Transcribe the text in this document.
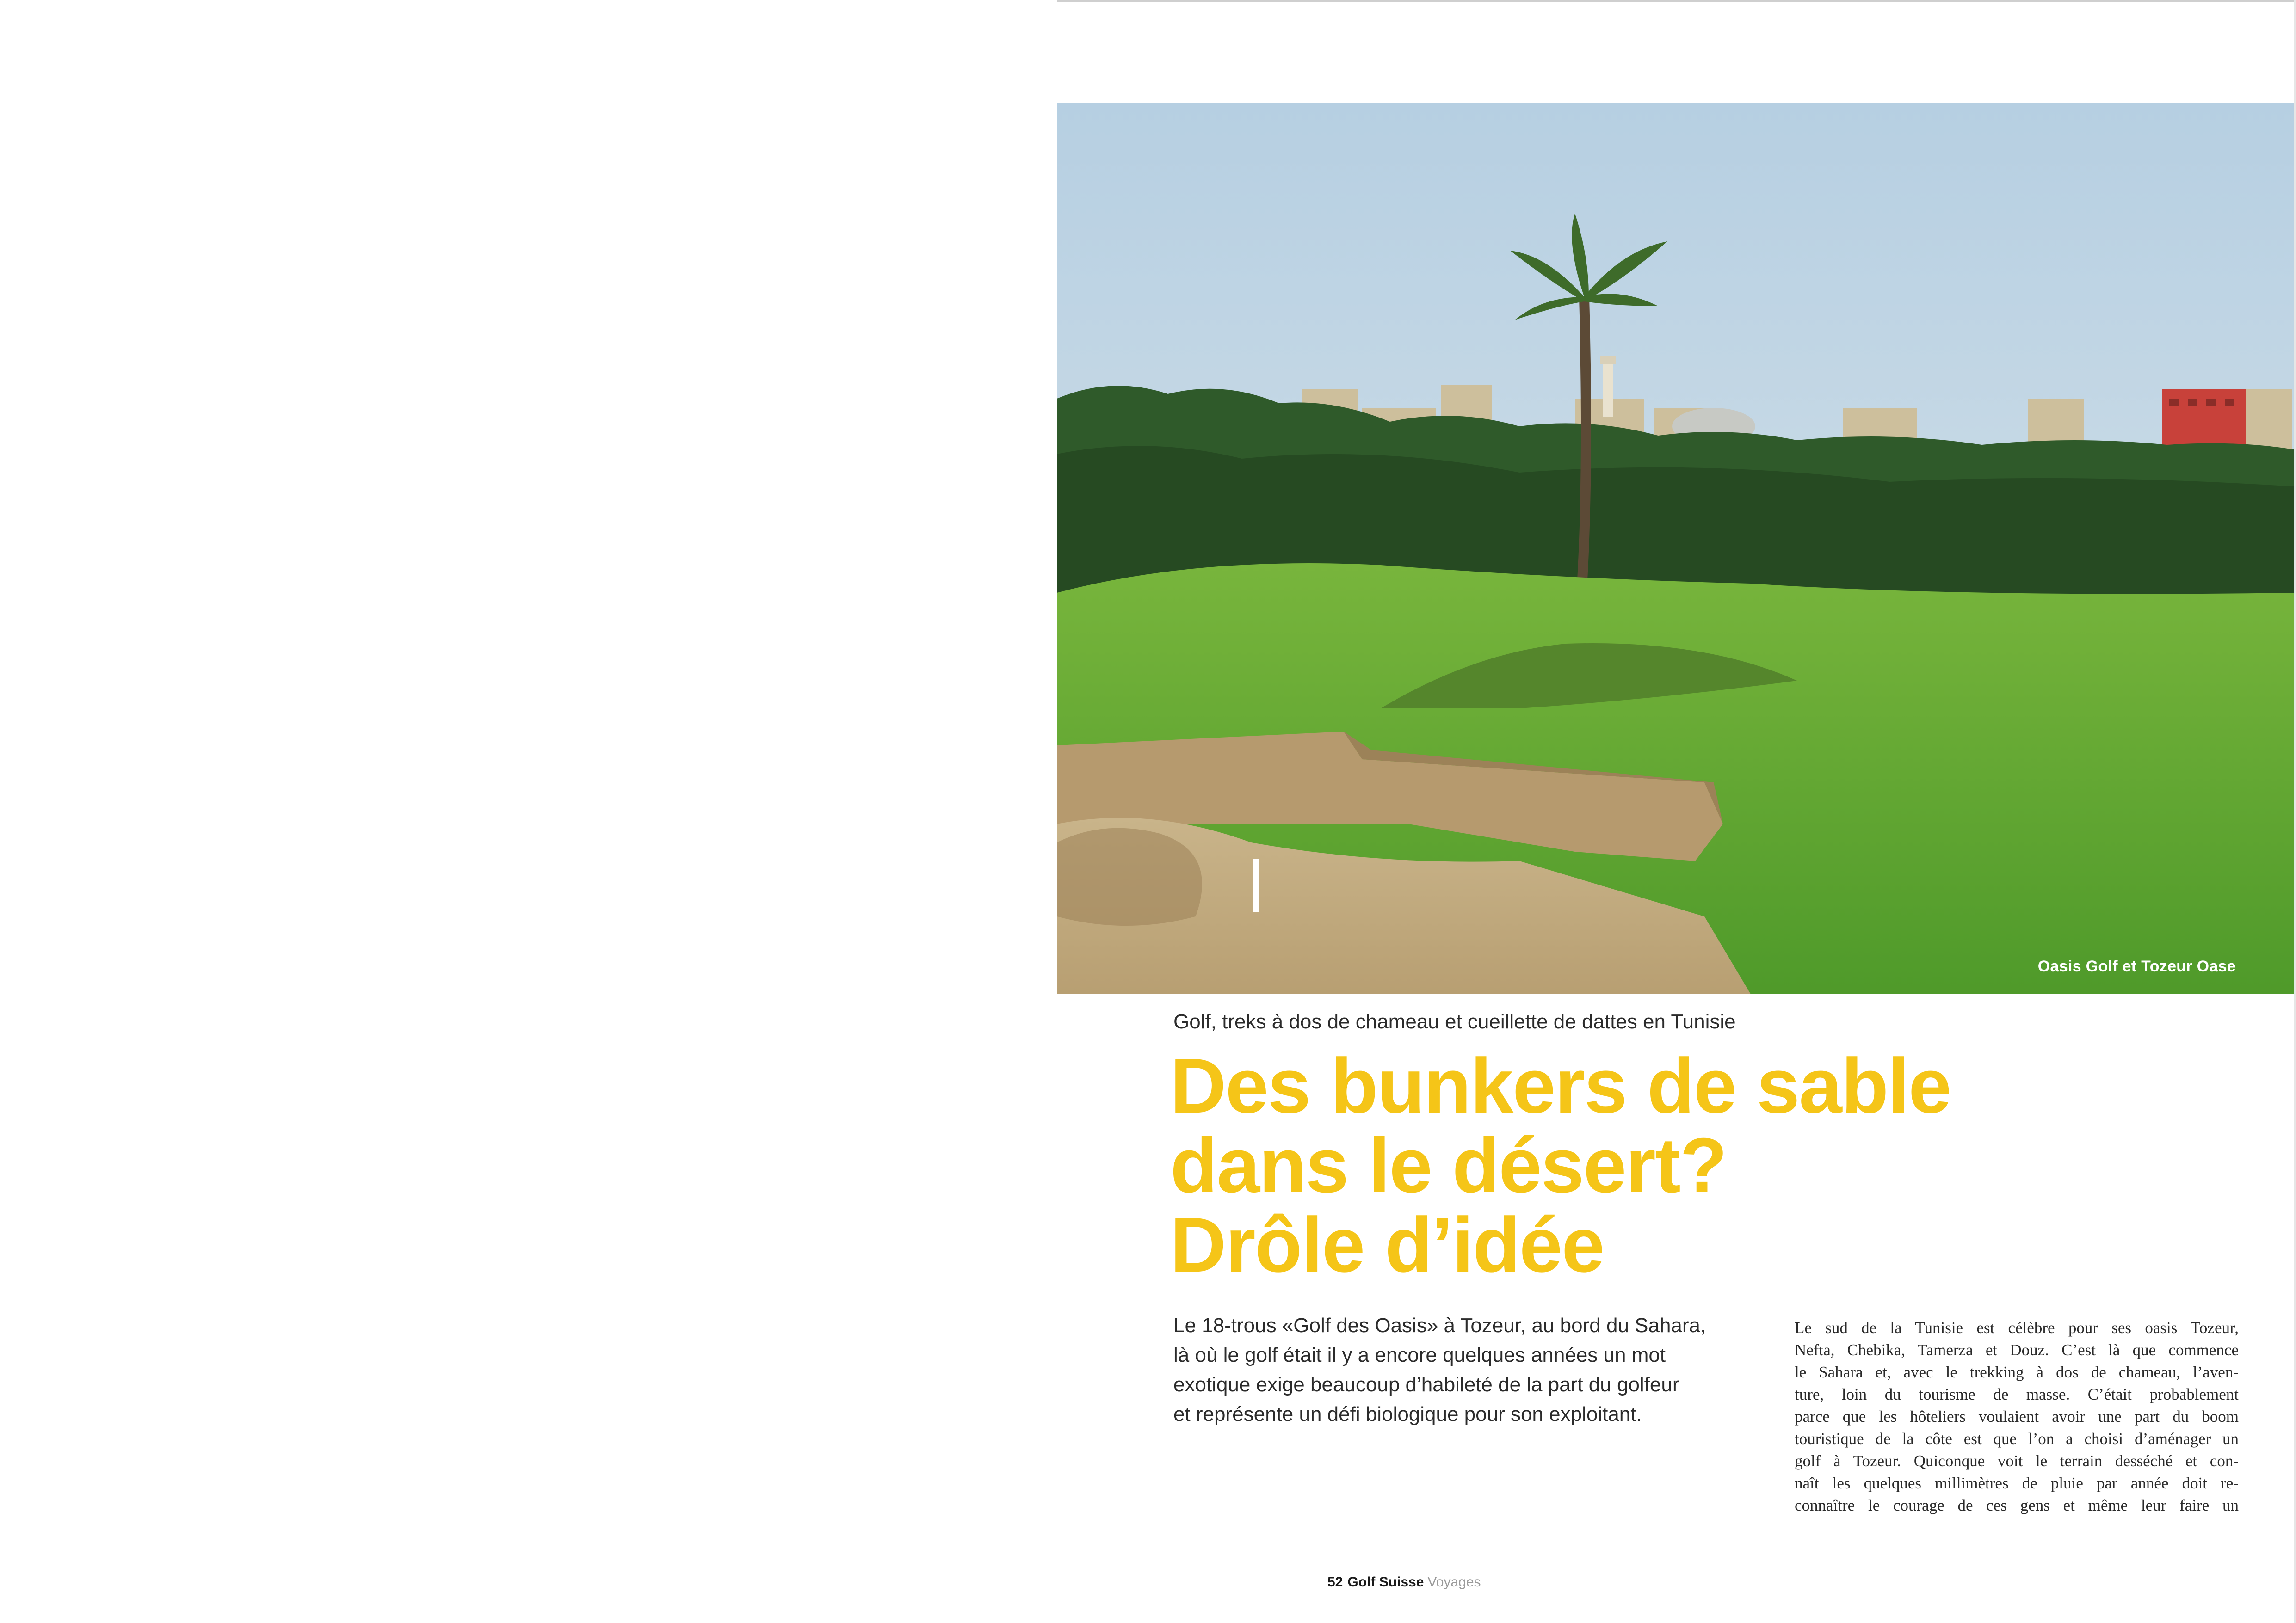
Oasis Golf et Tozeur Oase
Golf, treks à dos de chameau et cueillette de dattes en Tunisie
Des bunkers de sable
dans le désert?
Drôle d’idée
Le 18-trous «Golf des Oasis» à Tozeur, au bord du Sahara,
là où le golf était il y a encore quelques années un mot
exotique exige beaucoup d’habileté de la part du golfeur
et représente un défi biologique pour son exploitant.
Le sud de la Tunisie est célèbre pour ses oasis Tozeur,
Nefta, Chebika, Tamerza et Douz. C’est là que commence
le Sahara et, avec le trekking à dos de chameau, l’aven-
ture, loin du tourisme de masse. C’était probablement
parce que les hôteliers voulaient avoir une part du boom
touristique de la côte est que l’on a choisi d’aménager un
golf à Tozeur. Quiconque voit le terrain desséché et con-
naît les quelques millimètres de pluie par année doit re-
connaître le courage de ces gens et même leur faire un
52 Golf Suisse Voyages
